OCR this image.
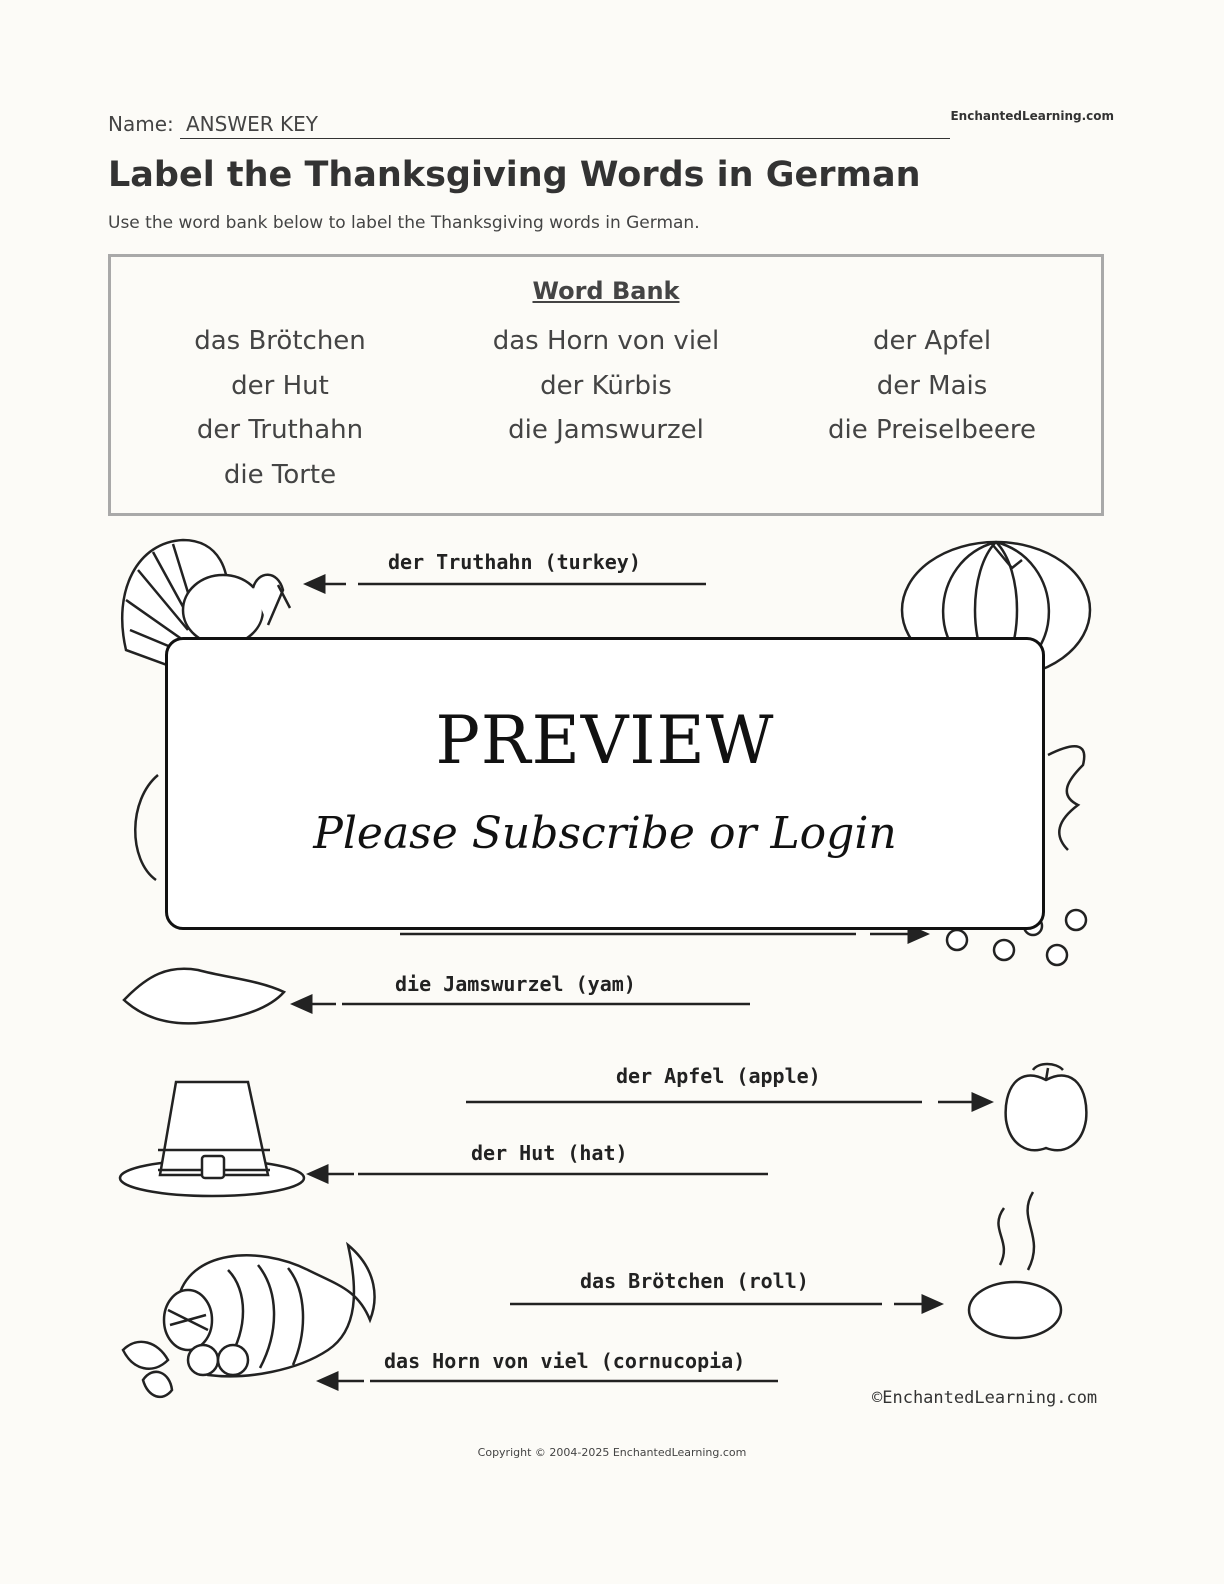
Name: ANSWER KEY	EnchantedLearning.com
Label the Thanksgiving Words in German
Use the word bank below to label the Thanksgiving words in German.
Word Bank
das Brötchen
der Hut
der Truthahn
die Torte
das Horn von viel
der Kürbis
die Jamswurzel
der Apfel
der Mais
die Preiselbeere
der Truthahn (turkey)
die Jamswurzel (yam)
der Apfel (apple)
der Hut (hat)
das Brötchen (roll)
das Horn von viel (cornucopia)
PREVIEW
Please Subscribe or Login
©EnchantedLearning.com
Copyright © 2004-2025 EnchantedLearning.com
